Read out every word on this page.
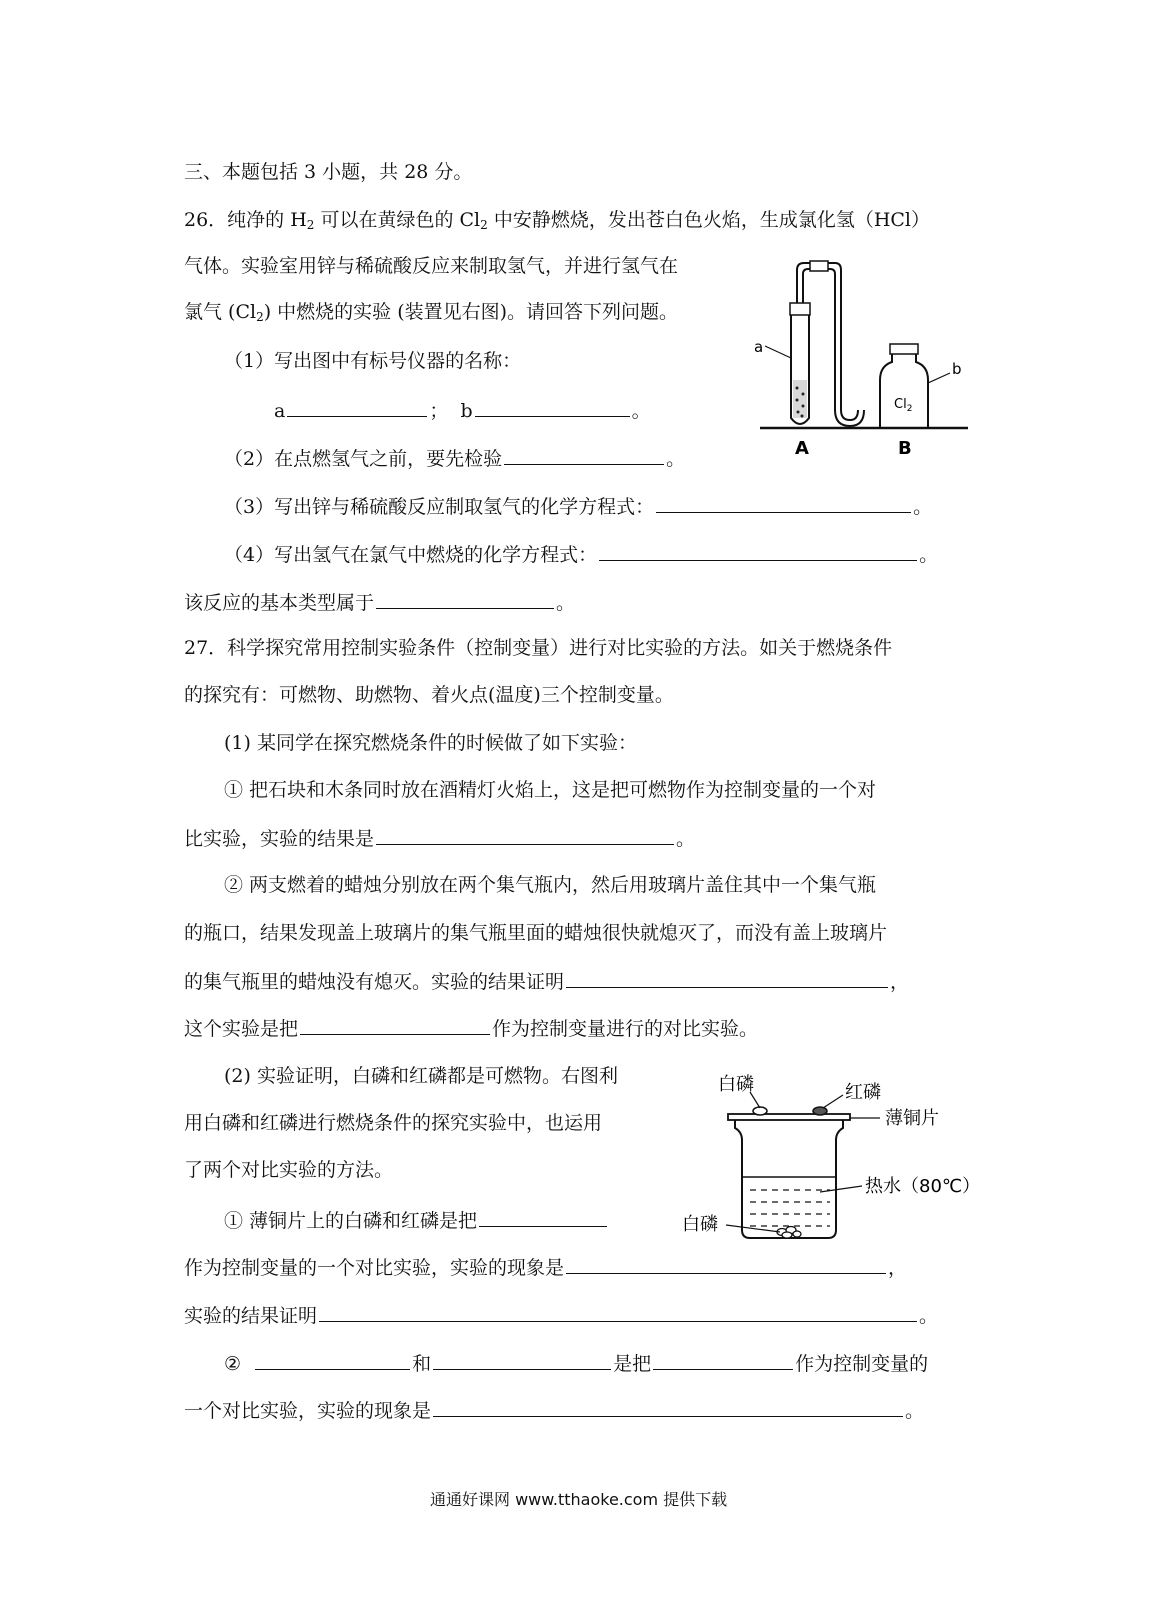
三、本题包括 3 小题，共 28 分。
26．纯净的 $H_2$ 可以在黄绿色的 $Cl_2$ 中安静燃烧，发出苍白色火焰，生成氯化氢（HCl）
气体。实验室用锌与稀硫酸反应来制取氢气，并进行氢气在
氯气 $(Cl_2)$ 中燃烧的实验 (装置见右图)。请回答下列问题。
（1）写出图中有标号仪器的名称：
a	； b	。
（2）在点燃氢气之前，要先检验	。
（3）写出锌与稀硫酸反应制取氢气的化学方程式：	。
（4）写出氢气在氯气中燃烧的化学方程式：	。
该反应的基本类型属于	。
a
$Cl_2$
b
A	B
27．科学探究常用控制实验条件（控制变量）进行对比实验的方法。如关于燃烧条件
的探究有：可燃物、助燃物、着火点(温度)三个控制变量。
(1) 某同学在探究燃烧条件的时候做了如下实验：
① 把石块和木条同时放在酒精灯火焰上，这是把可燃物作为控制变量的一个对
比实验，实验的结果是	。
② 两支燃着的蜡烛分别放在两个集气瓶内，然后用玻璃片盖住其中一个集气瓶
的瓶口，结果发现盖上玻璃片的集气瓶里面的蜡烛很快就熄灭了，而没有盖上玻璃片
的集气瓶里的蜡烛没有熄灭。实验的结果证明	，
这个实验是把	作为控制变量进行的对比实验。
(2) 实验证明，白磷和红磷都是可燃物。右图利
用白磷和红磷进行燃烧条件的探究实验中，也运用
了两个对比实验的方法。
① 薄铜片上的白磷和红磷是把
作为控制变量的一个对比实验，实验的现象是	，
实验的结果证明	。
②	和	是把	作为控制变量的
一个对比实验，实验的现象是	。
白磷	红磷
薄铜片
热水（80℃）
白磷
通通好课网 www.tthaoke.com 提供下载
